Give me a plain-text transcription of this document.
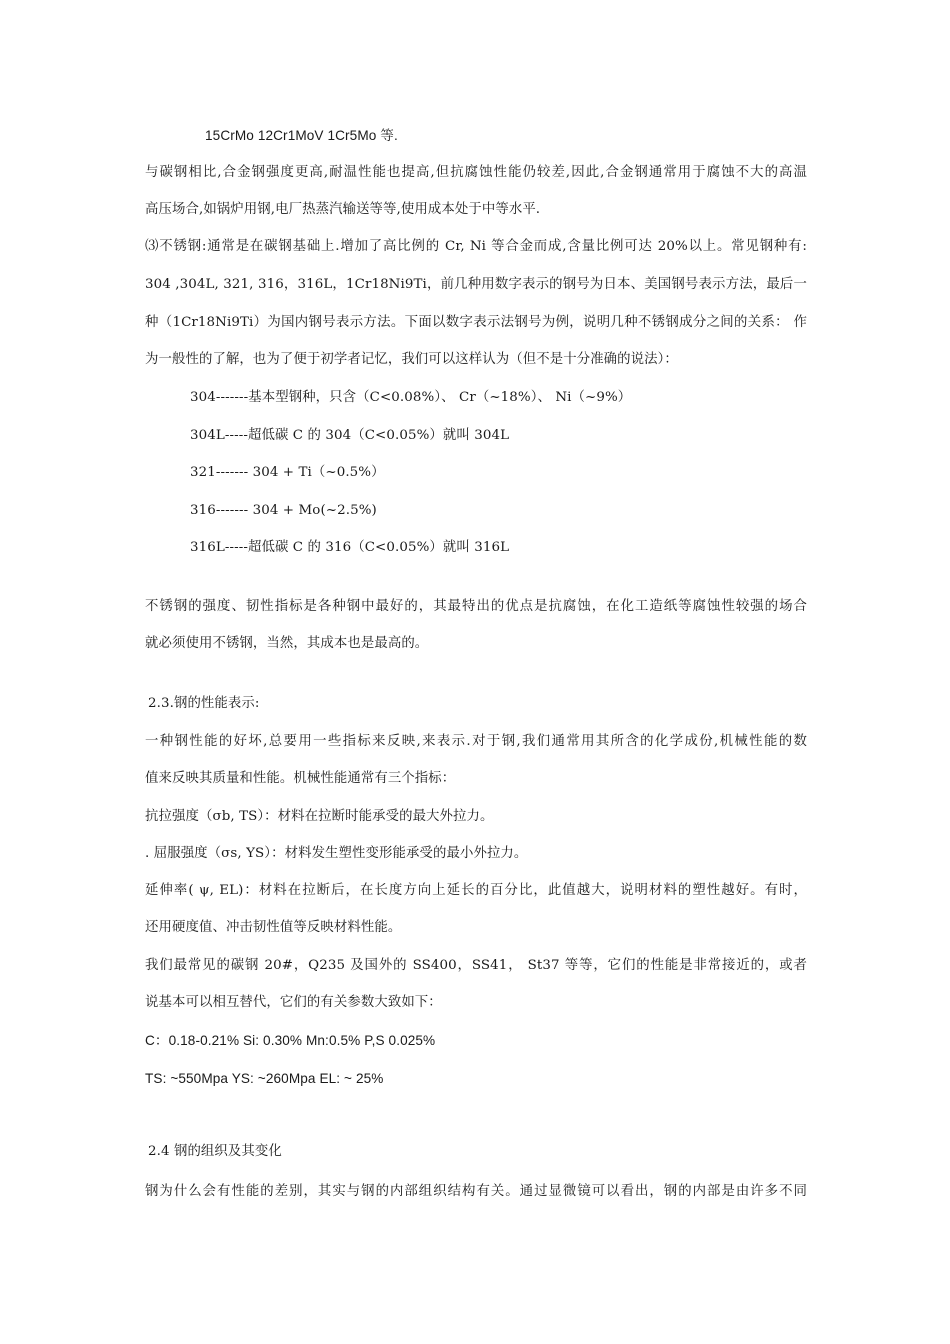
15CrMo 12Cr1MoV 1Cr5Mo 等.
与碳钢相比,合金钢强度更高,耐温性能也提高,但抗腐蚀性能仍较差,因此,合金钢通常用于腐蚀不大的高温
高压场合,如锅炉用钢,电厂热蒸汽输送等等,使用成本处于中等水平.
⑶不锈钢:通常是在碳钢基础上.增加了高比例的 Cr, Ni 等合金而成,含量比例可达 20%以上。常见钢种有:
304 ,304L, 321, 316，316L，1Cr18Ni9Ti，前几种用数字表示的钢号为日本、美国钢号表示方法，最后一
种（1Cr18Ni9Ti）为国内钢号表示方法。下面以数字表示法钢号为例，说明几种不锈钢成分之间的关系： 作
为一般性的了解，也为了便于初学者记忆，我们可以这样认为（但不是十分准确的说法）：
304-------基本型钢种，只含（C<0.08%）、 Cr（~18%）、 Ni（~9%）
304L-----超低碳 C 的 304（C<0.05%）就叫 304L
321------- 304 + Ti（~0.5%）
316------- 304 + Mo(~2.5%)
316L-----超低碳 C 的 316（C<0.05%）就叫 316L
不锈钢的强度、韧性指标是各种钢中最好的，其最特出的优点是抗腐蚀，在化工造纸等腐蚀性较强的场合
就必须使用不锈钢，当然，其成本也是最高的。
2.3.钢的性能表示:
一种钢性能的好坏,总要用一些指标来反映,来表示.对于钢,我们通常用其所含的化学成份,机械性能的数
值来反映其质量和性能。机械性能通常有三个指标：
抗拉强度（σb, TS）：材料在拉断时能承受的最大外拉力。
. 屈服强度（σs, YS）：材料发生塑性变形能承受的最小外拉力。
延伸率( ψ, EL)：材料在拉断后，在长度方向上延长的百分比，此值越大，说明材料的塑性越好。有时，
还用硬度值、冲击韧性值等反映材料性能。
我们最常见的碳钢 20#，Q235 及国外的 SS400，SS41， St37 等等，它们的性能是非常接近的，或者
说基本可以相互替代，它们的有关参数大致如下：
C：0.18-0.21% Si: 0.30% Mn:0.5% P,S 0.025%
TS: ~550Mpa YS: ~260Mpa EL: ~ 25%
2.4 钢的组织及其变化
钢为什么会有性能的差别，其实与钢的内部组织结构有关。通过显微镜可以看出，钢的内部是由许多不同
